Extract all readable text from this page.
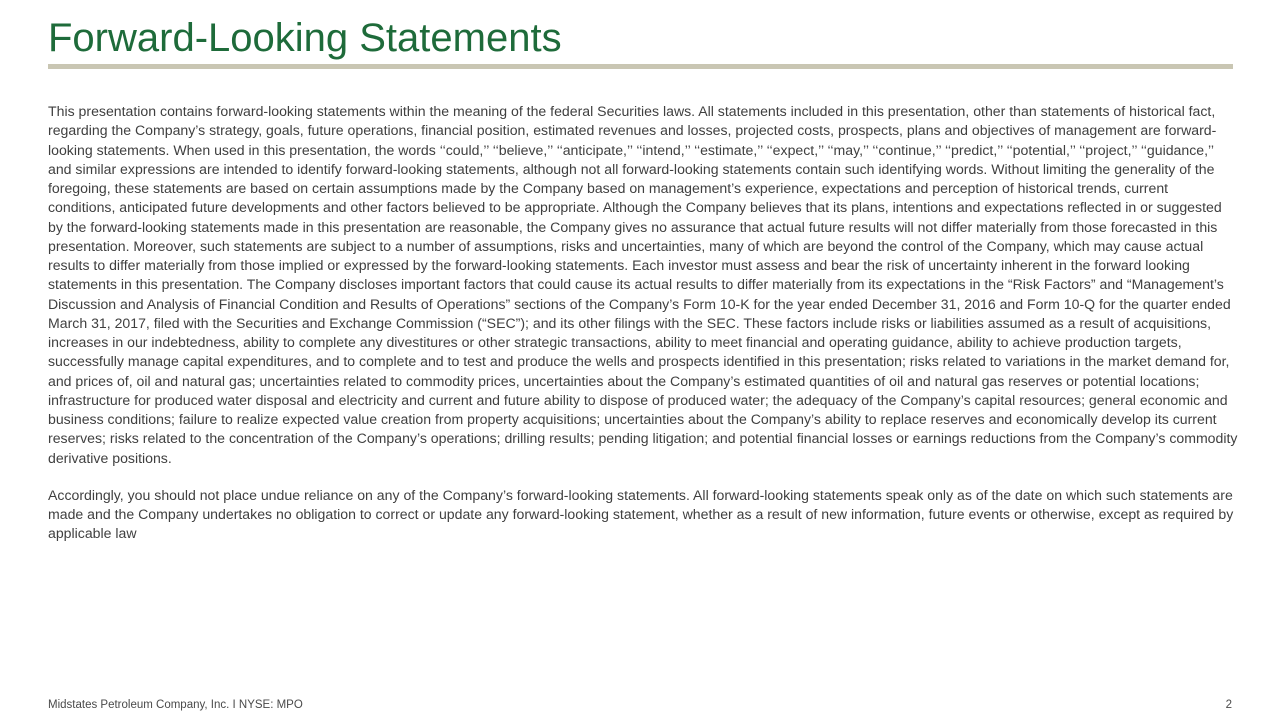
Forward-Looking Statements

This presentation contains forward-looking statements within the meaning of the federal Securities laws. All statements included in this presentation, other than statements of historical fact, regarding the Company’s strategy, goals, future operations, financial position, estimated revenues and losses, projected costs, prospects, plans and objectives of management are forward-looking statements. When used in this presentation, the words ‘‘could,’’ ‘‘believe,’’ ‘‘anticipate,’’ ‘‘intend,’’ ‘‘estimate,’’ ‘‘expect,’’ ‘‘may,’’ ‘‘continue,’’ ‘‘predict,’’ ‘‘potential,’’ ‘‘project,’’ ‘‘guidance,’’ and similar expressions are intended to identify forward-looking statements, although not all forward-looking statements contain such identifying words. Without limiting the generality of the foregoing, these statements are based on certain assumptions made by the Company based on management’s experience, expectations and perception of historical trends, current conditions, anticipated future developments and other factors believed to be appropriate. Although the Company believes that its plans, intentions and expectations reflected in or suggested by the forward-looking statements made in this presentation are reasonable, the Company gives no assurance that actual future results will not differ materially from those forecasted in this presentation. Moreover, such statements are subject to a number of assumptions, risks and uncertainties, many of which are beyond the control of the Company, which may cause actual results to differ materially from those implied or expressed by the forward-looking statements. Each investor must assess and bear the risk of uncertainty inherent in the forward looking statements in this presentation. The Company discloses important factors that could cause its actual results to differ materially from its expectations in the “Risk Factors” and “Management’s Discussion and Analysis of Financial Condition and Results of Operations” sections of the Company’s Form 10-K for the year ended December 31, 2016 and Form 10-Q for the quarter ended March 31, 2017, filed with the Securities and Exchange Commission (“SEC”); and its other filings with the SEC. These factors include risks or liabilities assumed as a result of acquisitions, increases in our indebtedness, ability to complete any divestitures or other strategic transactions, ability to meet financial and operating guidance, ability to achieve production targets, successfully manage capital expenditures, and to complete and to test and produce the wells and prospects identified in this presentation; risks related to variations in the market demand for, and prices of, oil and natural gas; uncertainties related to commodity prices, uncertainties about the Company’s estimated quantities of oil and natural gas reserves or potential locations; infrastructure for produced water disposal and electricity and current and future ability to dispose of produced water; the adequacy of the Company’s capital resources; general economic and business conditions; failure to realize expected value creation from property acquisitions; uncertainties about the Company’s ability to replace reserves and economically develop its current reserves; risks related to the concentration of the Company’s operations; drilling results; pending litigation; and potential financial losses or earnings reductions from the Company’s commodity derivative positions.

Accordingly, you should not place undue reliance on any of the Company’s forward-looking statements. All forward-looking statements speak only as of the date on which such statements are made and the Company undertakes no obligation to correct or update any forward-looking statement, whether as a result of new information, future events or otherwise, except as required by applicable law

Midstates Petroleum Company, Inc. I NYSE: MPO	2
